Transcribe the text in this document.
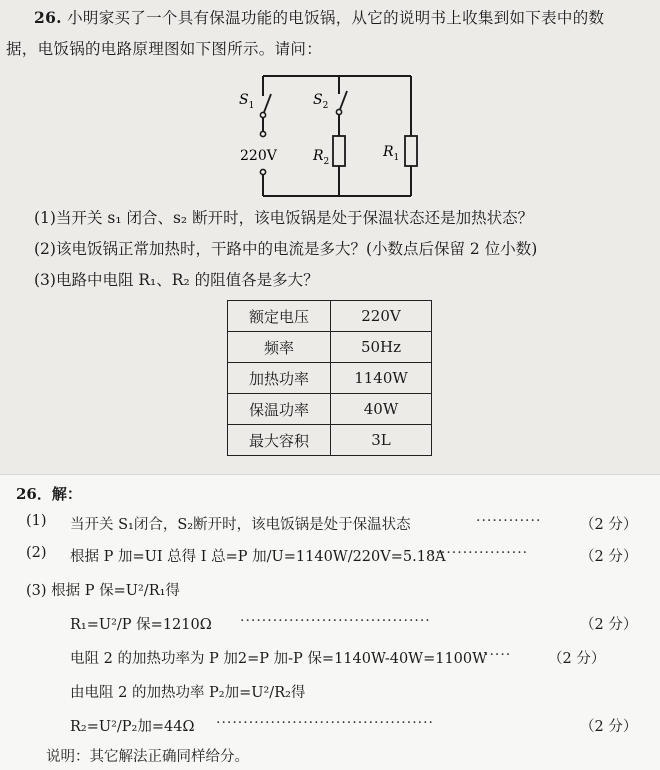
26. 小明家买了一个具有保温功能的电饭锅，从它的说明书上收集到如下表中的数
据，电饭锅的电路原理图如下图所示。请问：
$S_1$	$S_2$
220V	$R_2$
$R_1$
(1)当开关 s₁ 闭合、s₂ 断开时，该电饭锅是处于保温状态还是加热状态？
(2)该电饭锅正常加热时，干路中的电流是多大？(小数点后保留 2 位小数)
(3)电路中电阻 R₁、R₂ 的阻值各是多大？
额定电压	220V
频率	50Hz
加热功率	1140W
保温功率	40W
最大容积	3L
26．解：
(1) 当开关 S₁闭合，S₂断开时，该电饭锅是处于保温状态	············	（2 分）
(2) 根据 P 加=UI 总得 I 总=P 加/U=1140W/220V=5.18A
··················	（2 分）
(3) 根据 P 保=U²/R₁得
R₁=U²/P 保=1210Ω ···································	（2 分）
电阻 2 的加热功率为 P 加2=P 加-P 保=1140W-40W=1100W
·····	（2 分）
由电阻 2 的加热功率 P₂加=U²/R₂得
R₂=U²/P₂加=44Ω ········································	（2 分）
说明：其它解法正确同样给分。
